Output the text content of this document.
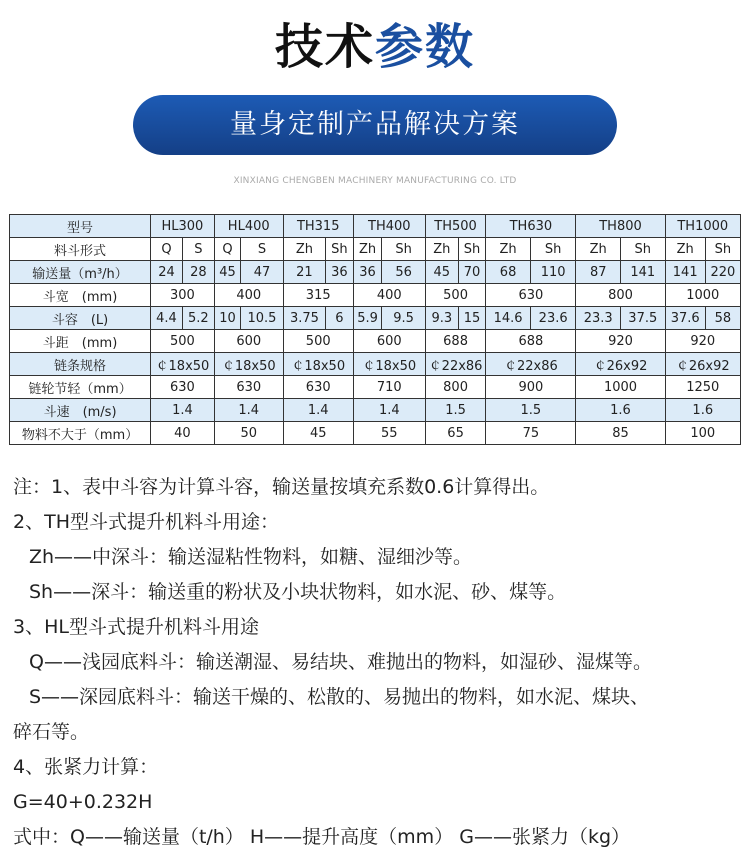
技术参数
量身定制产品解决方案
XINXIANG CHENGBEN MACHINERY MANUFACTURING CO. LTD
型号	HL300		HL400		TH315		TH400		TH500		TH630		TH800		TH1000	
料斗形式	Q	S	Q	S	Zh	Sh	Zh	Sh	Zh	Sh	Zh	Sh	Zh	Sh	Zh	Sh
输送量（m³/h）	24	28	45	47	21	36	36	56	45	70	68	110	87	141	141	220
斗宽　(mm)	300		400		315		400		500		630		800		1000	
斗容　(L)	4.4	5.2	10	10.5	3.75	6	5.9	9.5	9.3	15	14.6	23.6	23.3	37.5	37.6	58
斗距　(mm)	500		600		500		600		688		688		920		920	
链条规格	￠18x50		￠18x50		￠18x50		￠18x50		￠22x86		￠22x86		￠26x92		￠26x92	
链轮节轻（mm）	630		630		630		710		800		900		1000		1250	
斗速　(m/s)	1.4		1.4		1.4		1.4		1.5		1.5		1.6		1.6	
物料不大于（mm）	40		50		45		55		65		75		85		100	
注：1、表中斗容为计算斗容，输送量按填充系数0.6计算得出。
2、TH型斗式提升机料斗用途：
Zh——中深斗：输送湿粘性物料，如糖、湿细沙等。
Sh——深斗：输送重的粉状及小块状物料，如水泥、砂、煤等。
3、HL型斗式提升机料斗用途
Q——浅园底料斗：输送潮湿、易结块、难抛出的物料，如湿砂、湿煤等。
S——深园底料斗：输送干燥的、松散的、易抛出的物料，如水泥、煤块、
碎石等。
4、张紧力计算：
G=40+0.232H
式中：Q——输送量（t/h） H——提升高度（mm） G——张紧力（kg）
